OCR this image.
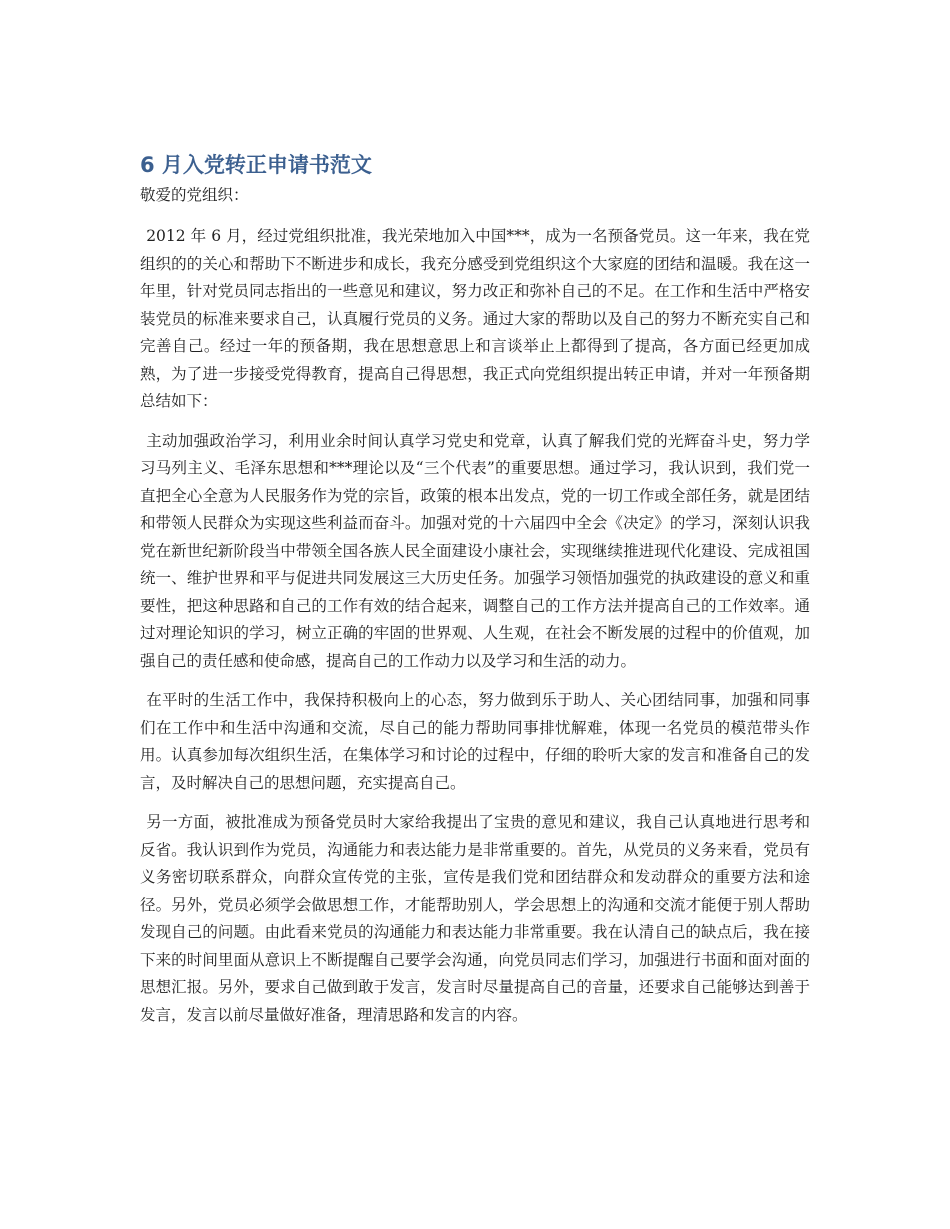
6 月入党转正申请书范文

敬爱的党组织：

2012 年 6 月，经过党组织批准，我光荣地加入中国***，成为一名预备党员。这一年来，我在党组织的的关心和帮助下不断进步和成长，我充分感受到党组织这个大家庭的团结和温暖。我在这一年里，针对党员同志指出的一些意见和建议，努力改正和弥补自己的不足。在工作和生活中严格安装党员的标准来要求自己，认真履行党员的义务。通过大家的帮助以及自己的努力不断充实自己和完善自己。经过一年的预备期，我在思想意思上和言谈举止上都得到了提高，各方面已经更加成熟，为了进一步接受党得教育，提高自己得思想，我正式向党组织提出转正申请，并对一年预备期总结如下：

主动加强政治学习，利用业余时间认真学习党史和党章，认真了解我们党的光辉奋斗史，努力学习马列主义、毛泽东思想和***理论以及“三个代表”的重要思想。通过学习，我认识到，我们党一直把全心全意为人民服务作为党的宗旨，政策的根本出发点，党的一切工作或全部任务，就是团结和带领人民群众为实现这些利益而奋斗。加强对党的十六届四中全会《决定》的学习，深刻认识我党在新世纪新阶段当中带领全国各族人民全面建设小康社会，实现继续推进现代化建设、完成祖国统一、维护世界和平与促进共同发展这三大历史任务。加强学习领悟加强党的执政建设的意义和重要性，把这种思路和自己的工作有效的结合起来，调整自己的工作方法并提高自己的工作效率。通过对理论知识的学习，树立正确的牢固的世界观、人生观，在社会不断发展的过程中的价值观，加强自己的责任感和使命感，提高自己的工作动力以及学习和生活的动力。

在平时的生活工作中，我保持积极向上的心态，努力做到乐于助人、关心团结同事，加强和同事们在工作中和生活中沟通和交流，尽自己的能力帮助同事排忧解难，体现一名党员的模范带头作用。认真参加每次组织生活，在集体学习和讨论的过程中，仔细的聆听大家的发言和准备自己的发言，及时解决自己的思想问题，充实提高自己。

另一方面，被批准成为预备党员时大家给我提出了宝贵的意见和建议，我自己认真地进行思考和反省。我认识到作为党员，沟通能力和表达能力是非常重要的。首先，从党员的义务来看，党员有义务密切联系群众，向群众宣传党的主张，宣传是我们党和团结群众和发动群众的重要方法和途径。另外，党员必须学会做思想工作，才能帮助别人，学会思想上的沟通和交流才能便于别人帮助发现自己的问题。由此看来党员的沟通能力和表达能力非常重要。我在认清自己的缺点后，我在接下来的时间里面从意识上不断提醒自己要学会沟通，向党员同志们学习，加强进行书面和面对面的思想汇报。另外，要求自己做到敢于发言，发言时尽量提高自己的音量，还要求自己能够达到善于发言，发言以前尽量做好准备，理清思路和发言的内容。
